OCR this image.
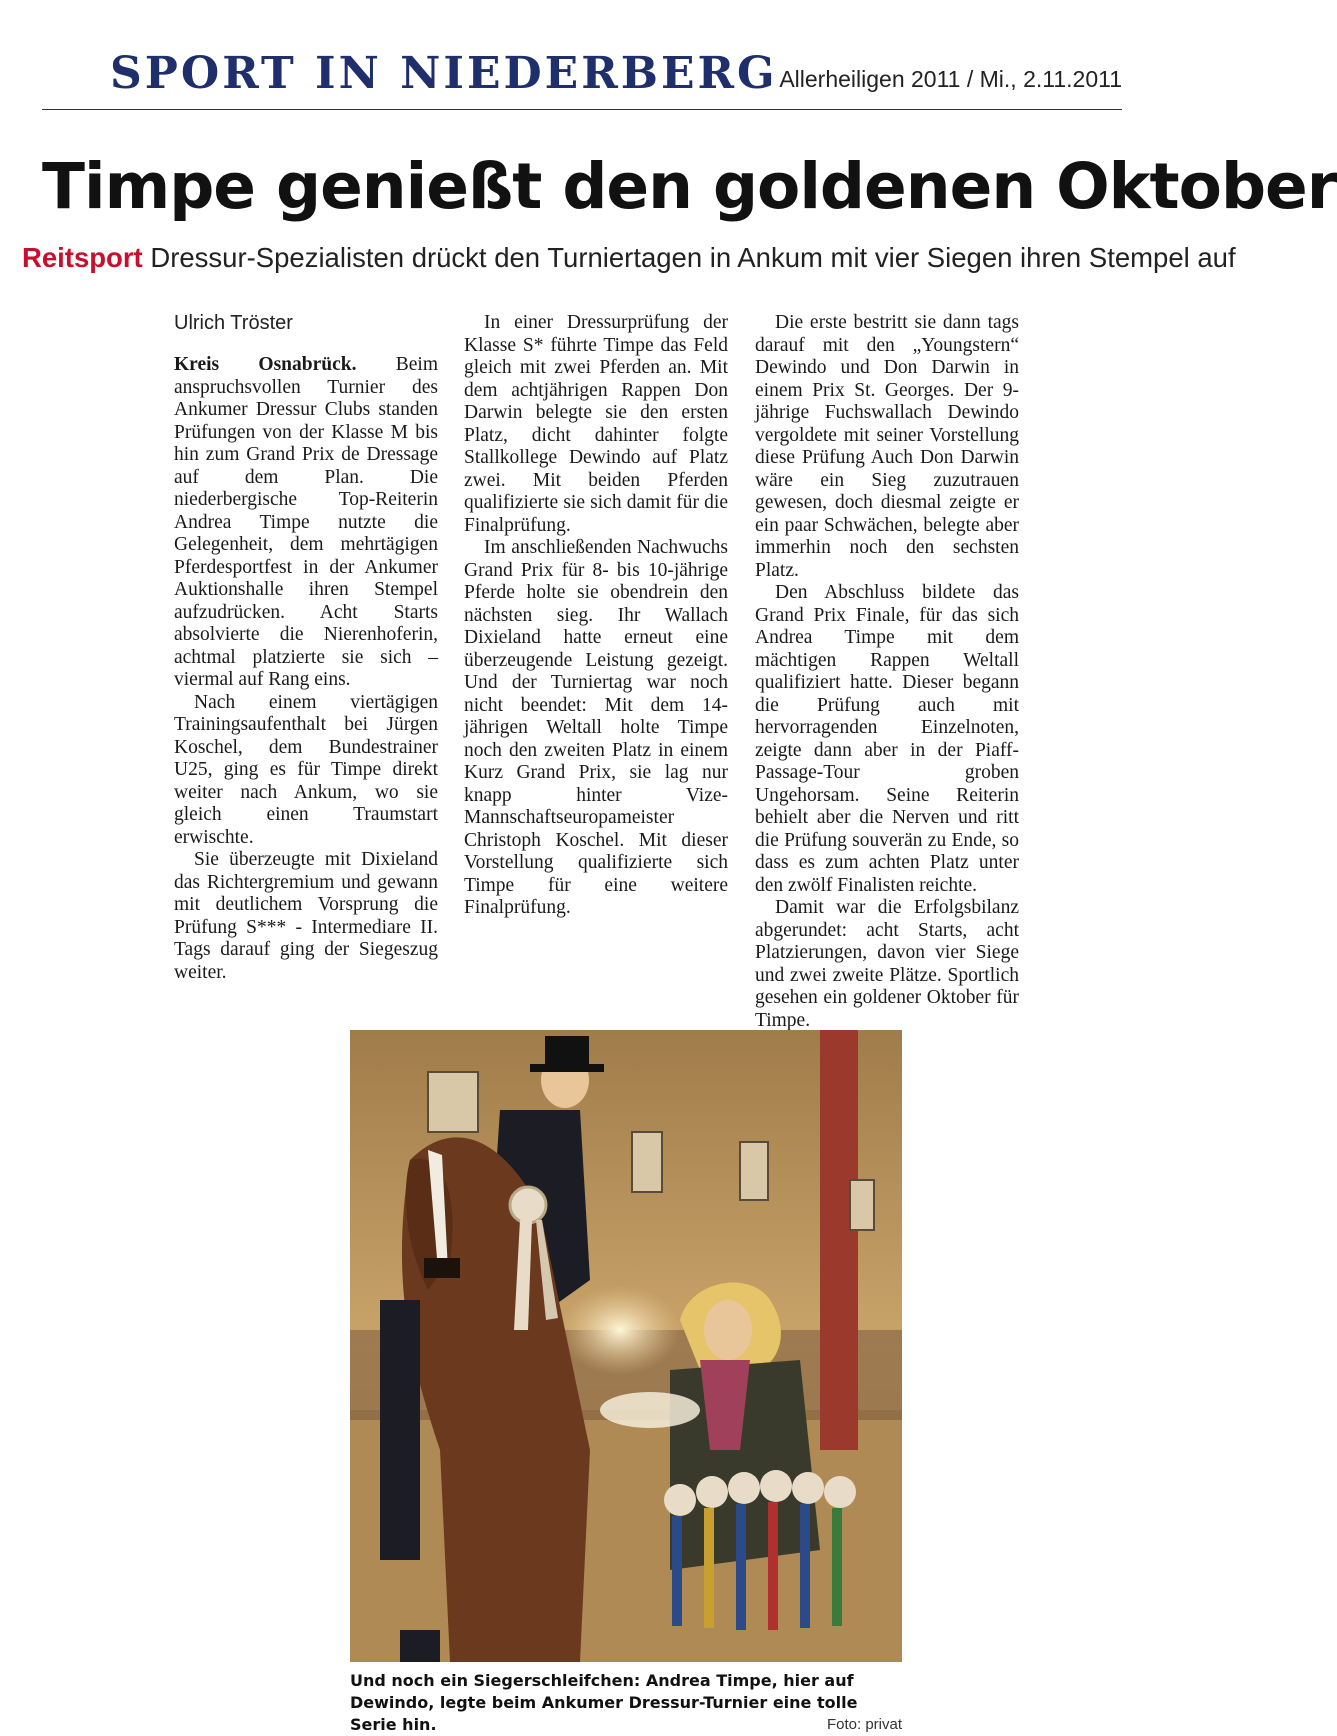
SPORT IN NIEDERBERG Allerheiligen 2011 / Mi., 2.11.2011
Timpe genießt den goldenen Oktober
Reitsport Dressur-Spezialisten drückt den Turniertagen in Ankum mit vier Siegen ihren Stempel auf
Ulrich Tröster

Kreis Osnabrück. Beim anspruchsvollen Turnier des Ankumer Dressur Clubs standen Prüfungen von der Klasse M bis hin zum Grand Prix de Dressage auf dem Plan. Die niederbergische Top-Reiterin Andrea Timpe nutzte die Gelegenheit, dem mehrtägigen Pferdesportfest in der Ankumer Auktionshalle ihren Stempel aufzudrücken. Acht Starts absolvierte die Nierenhoferin, achtmal platzierte sie sich – viermal auf Rang eins.

Nach einem viertägigen Trainingsaufenthalt bei Jürgen Koschel, dem Bundestrainer U25, ging es für Timpe direkt weiter nach Ankum, wo sie gleich einen Traumstart erwischte.

Sie überzeugte mit Dixieland das Richtergremium und gewann mit deutlichem Vorsprung die Prüfung S*** - Intermediare II. Tags darauf ging der Siegeszug weiter.

In einer Dressurprüfung der Klasse S* führte Timpe das Feld gleich mit zwei Pferden an. Mit dem achtjährigen Rappen Don Darwin belegte sie den ersten Platz, dicht dahinter folgte Stallkollege Dewindo auf Platz zwei. Mit beiden Pferden qualifizierte sie sich damit für die Finalprüfung.

Im anschließenden Nachwuchs Grand Prix für 8- bis 10-jährige Pferde holte sie obendrein den nächsten sieg. Ihr Wallach Dixieland hatte erneut eine überzeugende Leistung gezeigt. Und der Turniertag war noch nicht beendet: Mit dem 14-jährigen Weltall holte Timpe noch den zweiten Platz in einem Kurz Grand Prix, sie lag nur knapp hinter Vize-Mannschaftseuropameister Christoph Koschel. Mit dieser Vorstellung qualifizierte sich Timpe für eine weitere Finalprüfung.

Die erste bestritt sie dann tags darauf mit den „Youngstern“ Dewindo und Don Darwin in einem Prix St. Georges. Der 9-jährige Fuchswallach Dewindo vergoldete mit seiner Vorstellung diese Prüfung Auch Don Darwin wäre ein Sieg zuzutrauen gewesen, doch diesmal zeigte er ein paar Schwächen, belegte aber immerhin noch den sechsten Platz.

Den Abschluss bildete das Grand Prix Finale, für das sich Andrea Timpe mit dem mächtigen Rappen Weltall qualifiziert hatte. Dieser begann die Prüfung auch mit hervorragenden Einzelnoten, zeigte dann aber in der Piaff-Passage-Tour groben Ungehorsam. Seine Reiterin behielt aber die Nerven und ritt die Prüfung souverän zu Ende, so dass es zum achten Platz unter den zwölf Finalisten reichte.

Damit war die Erfolgsbilanz abgerundet: acht Starts, acht Platzierungen, davon vier Siege und zwei zweite Plätze. Sportlich gesehen ein goldener Oktober für Timpe.

Und noch ein Siegerschleifchen: Andrea Timpe, hier auf Dewindo, legte beim Ankumer Dressur-Turnier eine tolle Serie hin.	Foto: privat
